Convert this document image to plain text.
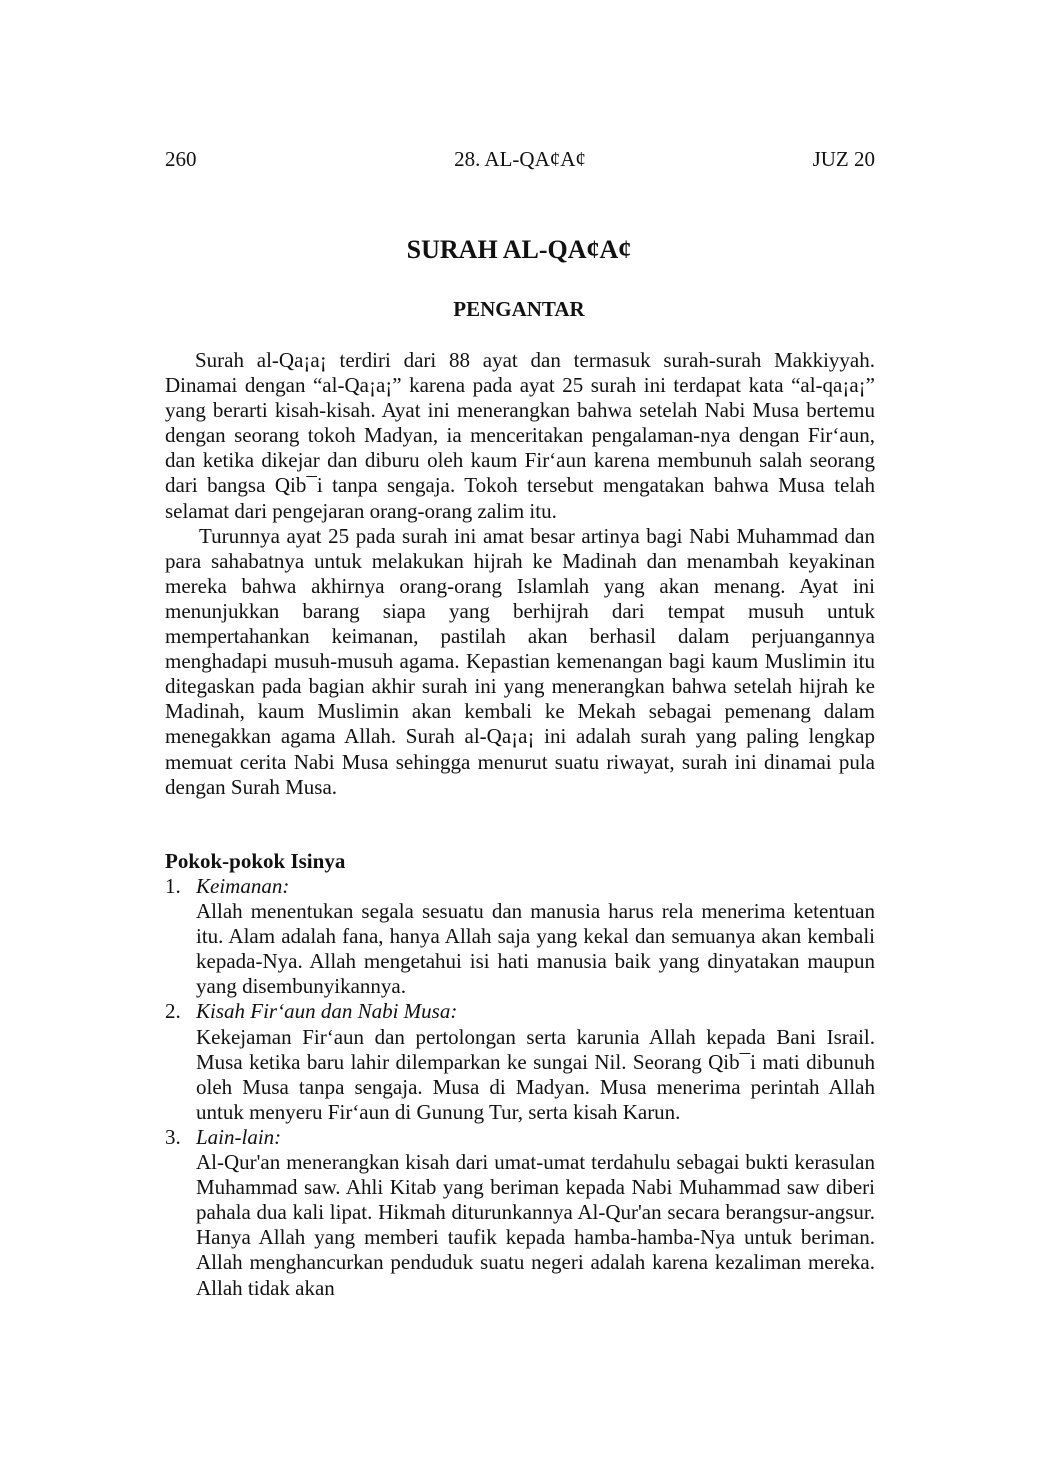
260	28. AL-QA¢A¢	JUZ 20
SURAH AL-QA¢A¢
PENGANTAR

Surah al-Qa¡a¡ terdiri dari 88 ayat dan termasuk surah-surah Makkiyyah. Dinamai dengan “al-Qa¡a¡” karena pada ayat 25 surah ini terdapat kata “al-qa¡a¡” yang berarti kisah-kisah. Ayat ini menerangkan bahwa setelah Nabi Musa bertemu dengan seorang tokoh Madyan, ia menceritakan pengalaman-nya dengan Fir‘aun, dan ketika dikejar dan diburu oleh kaum Fir‘aun karena membunuh salah seorang dari bangsa Qib¯i tanpa sengaja. Tokoh tersebut mengatakan bahwa Musa telah selamat dari pengejaran orang-orang zalim itu.

Turunnya ayat 25 pada surah ini amat besar artinya bagi Nabi Muhammad dan para sahabatnya untuk melakukan hijrah ke Madinah dan menambah keyakinan mereka bahwa akhirnya orang-orang Islamlah yang akan menang. Ayat ini menunjukkan barang siapa yang berhijrah dari tempat musuh untuk mempertahankan keimanan, pastilah akan berhasil dalam perjuangannya menghadapi musuh-musuh agama. Kepastian kemenangan bagi kaum Muslimin itu ditegaskan pada bagian akhir surah ini yang menerangkan bahwa setelah hijrah ke Madinah, kaum Muslimin akan kembali ke Mekah sebagai pemenang dalam menegakkan agama Allah. Surah al-Qa¡a¡ ini adalah surah yang paling lengkap memuat cerita Nabi Musa sehingga menurut suatu riwayat, surah ini dinamai pula dengan Surah Musa.

Pokok-pokok Isinya
1. Keimanan:
Allah menentukan segala sesuatu dan manusia harus rela menerima ketentuan itu. Alam adalah fana, hanya Allah saja yang kekal dan semuanya akan kembali kepada-Nya. Allah mengetahui isi hati manusia baik yang dinyatakan maupun yang disembunyikannya.
2. Kisah Fir‘aun dan Nabi Musa:
Kekejaman Fir‘aun dan pertolongan serta karunia Allah kepada Bani Israil. Musa ketika baru lahir dilemparkan ke sungai Nil. Seorang Qib¯i mati dibunuh oleh Musa tanpa sengaja. Musa di Madyan. Musa menerima perintah Allah untuk menyeru Fir‘aun di Gunung Tur, serta kisah Karun.
3. Lain-lain:
Al-Qur'an menerangkan kisah dari umat-umat terdahulu sebagai bukti kerasulan Muhammad saw. Ahli Kitab yang beriman kepada Nabi Muhammad saw diberi pahala dua kali lipat. Hikmah diturunkannya Al-Qur'an secara berangsur-angsur. Hanya Allah yang memberi taufik kepada hamba-hamba-Nya untuk beriman. Allah menghancurkan penduduk suatu negeri adalah karena kezaliman mereka. Allah tidak akan
